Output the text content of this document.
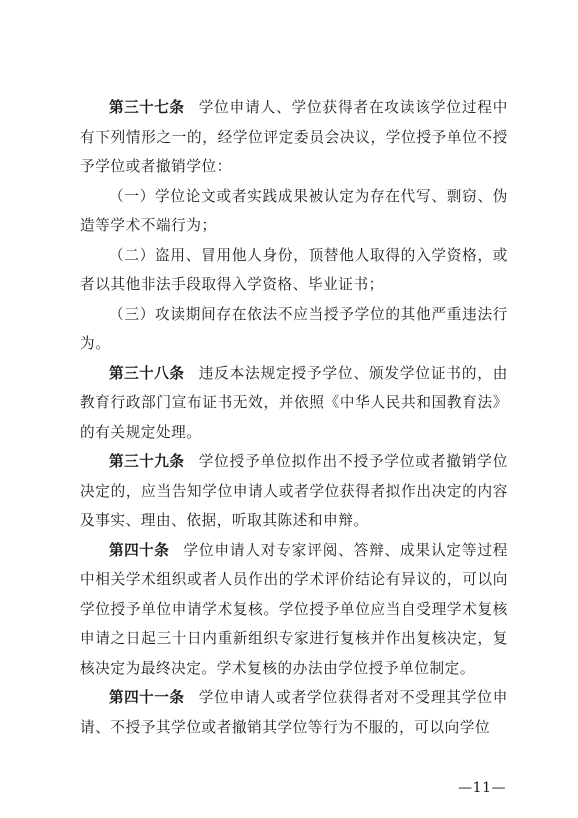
第三十七条 学位申请人、学位获得者在攻读该学位过程中有下列情形之一的，经学位评定委员会决议，学位授予单位不授予学位或者撤销学位：

（一）学位论文或者实践成果被认定为存在代写、剽窃、伪造等学术不端行为；

（二）盗用、冒用他人身份，顶替他人取得的入学资格，或者以其他非法手段取得入学资格、毕业证书；

（三）攻读期间存在依法不应当授予学位的其他严重违法行为。

第三十八条 违反本法规定授予学位、颁发学位证书的，由教育行政部门宣布证书无效，并依照《中华人民共和国教育法》的有关规定处理。

第三十九条 学位授予单位拟作出不授予学位或者撤销学位决定的，应当告知学位申请人或者学位获得者拟作出决定的内容及事实、理由、依据，听取其陈述和申辩。

第四十条 学位申请人对专家评阅、答辩、成果认定等过程中相关学术组织或者人员作出的学术评价结论有异议的，可以向学位授予单位申请学术复核。学位授予单位应当自受理学术复核申请之日起三十日内重新组织专家进行复核并作出复核决定，复核决定为最终决定。学术复核的办法由学位授予单位制定。

第四十一条 学位申请人或者学位获得者对不受理其学位申请、不授予其学位或者撤销其学位等行为不服的，可以向学位

—11—
